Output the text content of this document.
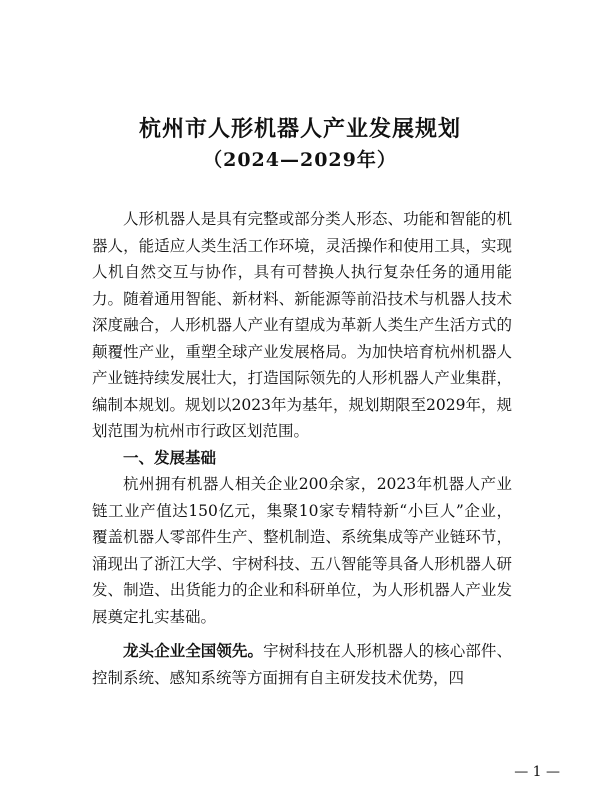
杭州市人形机器人产业发展规划
（2024—2029年）

人形机器人是具有完整或部分类人形态、功能和智能的机器人，能适应人类生活工作环境，灵活操作和使用工具，实现人机自然交互与协作，具有可替换人执行复杂任务的通用能力。随着通用智能、新材料、新能源等前沿技术与机器人技术深度融合，人形机器人产业有望成为革新人类生产生活方式的颠覆性产业，重塑全球产业发展格局。为加快培育杭州机器人产业链持续发展壮大，打造国际领先的人形机器人产业集群，编制本规划。规划以2023年为基年，规划期限至2029年，规划范围为杭州市行政区划范围。

一、发展基础

杭州拥有机器人相关企业200余家，2023年机器人产业链工业产值达150亿元，集聚10家专精特新“小巨人”企业，覆盖机器人零部件生产、整机制造、系统集成等产业链环节，涌现出了浙江大学、宇树科技、五八智能等具备人形机器人研发、制造、出货能力的企业和科研单位，为人形机器人产业发展奠定扎实基础。

龙头企业全国领先。宇树科技在人形机器人的核心部件、控制系统、感知系统等方面拥有自主研发技术优势，四

— 1 —
